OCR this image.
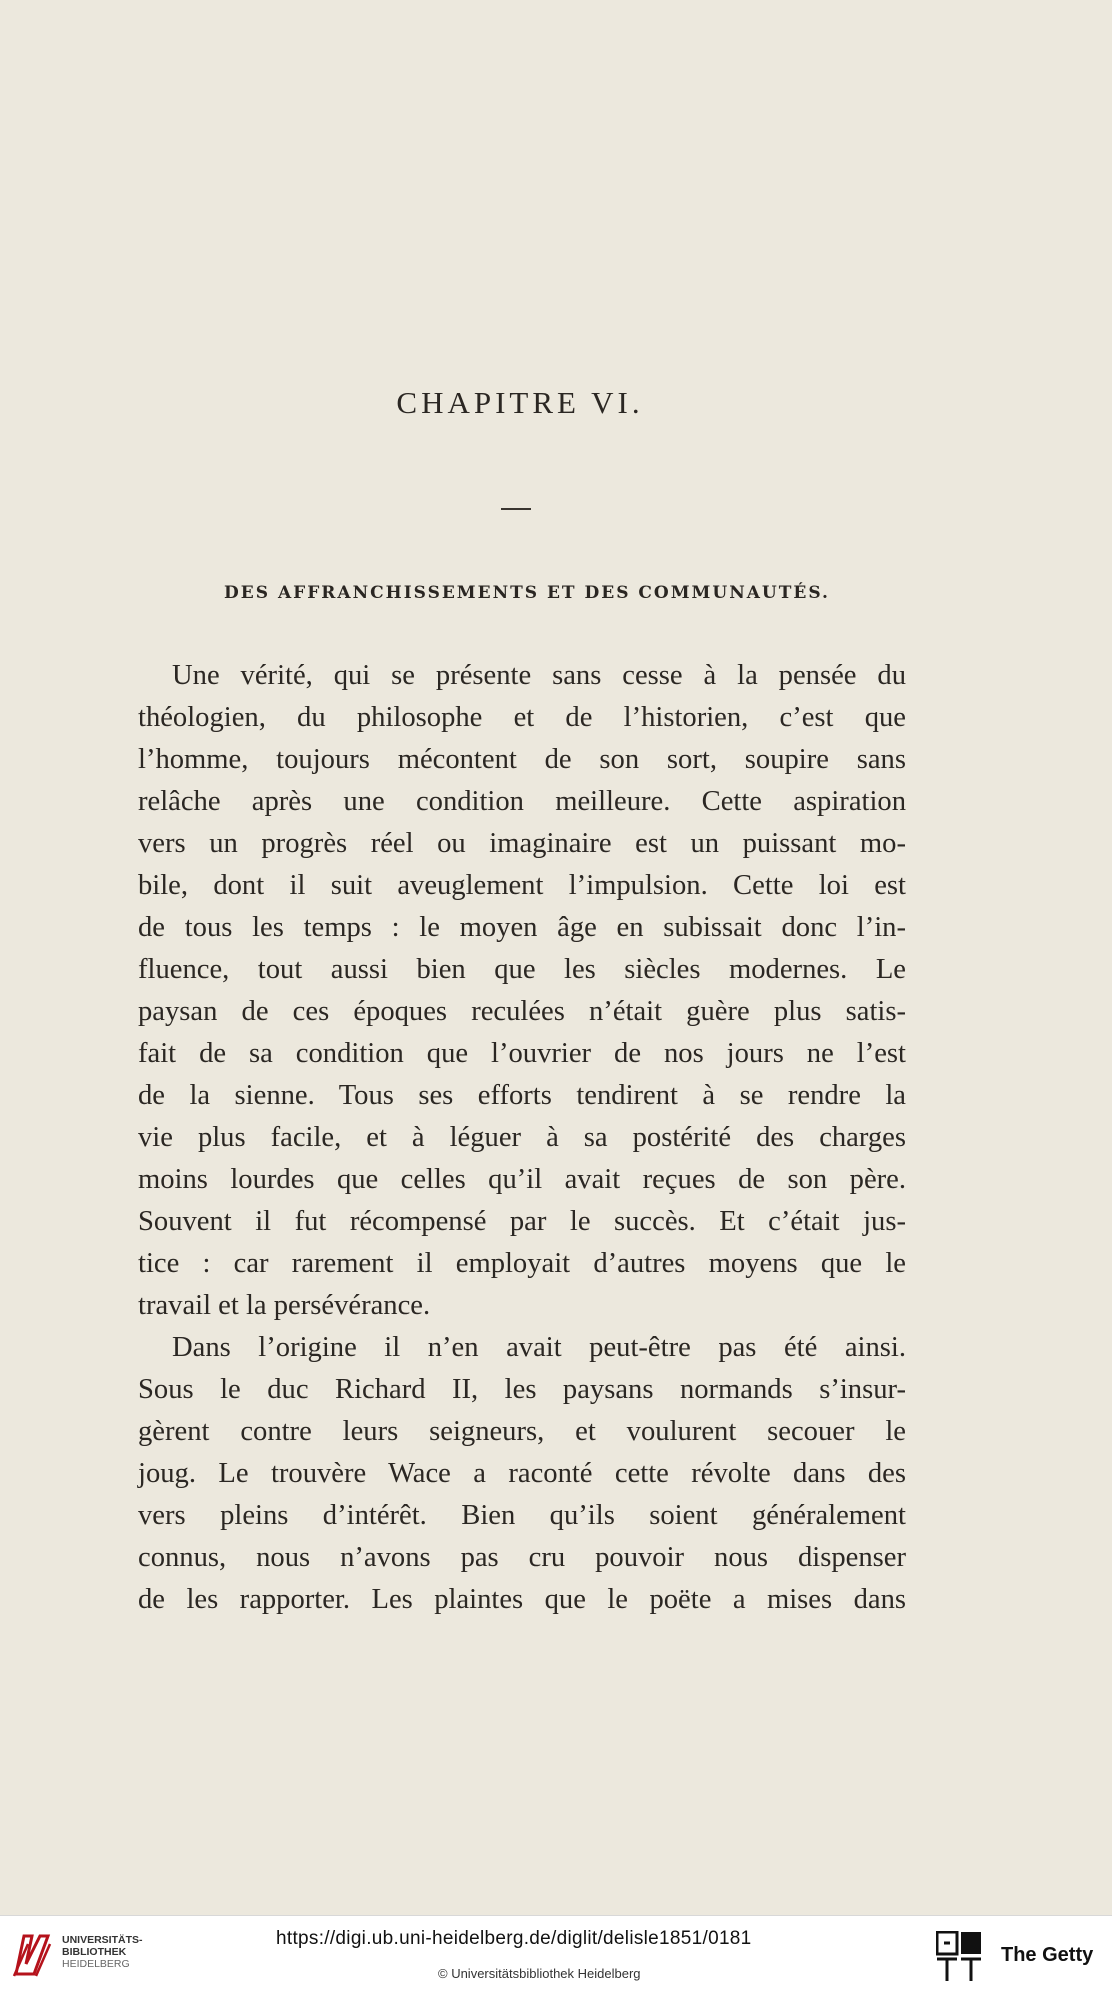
CHAPITRE VI.
DES AFFRANCHISSEMENTS ET DES COMMUNAUTÉS.

Une vérité, qui se présente sans cesse à la pensée du
théologien, du philosophe et de l’historien, c’est que
l’homme, toujours mécontent de son sort, soupire sans
relâche après une condition meilleure. Cette aspiration
vers un progrès réel ou imaginaire est un puissant mo-
bile, dont il suit aveuglement l’impulsion. Cette loi est
de tous les temps : le moyen âge en subissait donc l’in-
fluence, tout aussi bien que les siècles modernes. Le
paysan de ces époques reculées n’était guère plus satis-
fait de sa condition que l’ouvrier de nos jours ne l’est
de la sienne. Tous ses efforts tendirent à se rendre la
vie plus facile, et à léguer à sa postérité des charges
moins lourdes que celles qu’il avait reçues de son père.
Souvent il fut récompensé par le succès. Et c’était jus-
tice : car rarement il employait d’autres moyens que le
travail et la persévérance.

Dans l’origine il n’en avait peut-être pas été ainsi.
Sous le duc Richard II, les paysans normands s’insur-
gèrent contre leurs seigneurs, et voulurent secouer le
joug. Le trouvère Wace a raconté cette révolte dans des
vers pleins d’intérêt. Bien qu’ils soient généralement
connus, nous n’avons pas cru pouvoir nous dispenser
de les rapporter. Les plaintes que le poëte a mises dans

UNIVERSITÄTS-
BIBLIOTHEK
HEIDELBERG
https://digi.ub.uni-heidelberg.de/diglit/delisle1851/0181
© Universitätsbibliothek Heidelberg
The Getty
